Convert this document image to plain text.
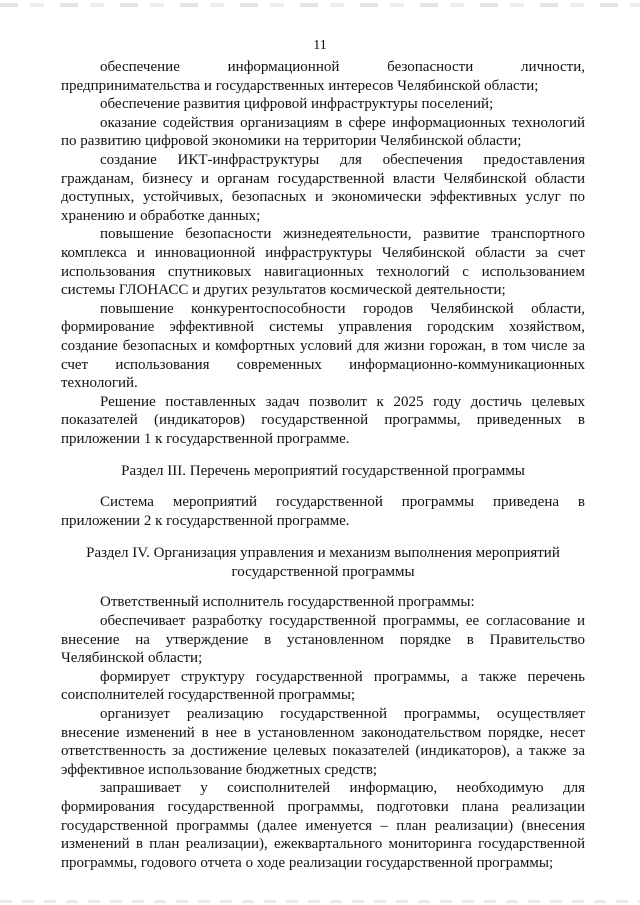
11

обеспечение информационной безопасности личности, предпринимательства и государственных интересов Челябинской области;

обеспечение развития цифровой инфраструктуры поселений;

оказание содействия организациям в сфере информационных технологий по развитию цифровой экономики на территории Челябинской области;

создание ИКТ-инфраструктуры для обеспечения предоставления гражданам, бизнесу и органам государственной власти Челябинской области доступных, устойчивых, безопасных и экономически эффективных услуг по хранению и обработке данных;

повышение безопасности жизнедеятельности, развитие транспортного комплекса и инновационной инфраструктуры Челябинской области за счет использования спутниковых навигационных технологий с использованием системы ГЛОНАСС и других результатов космической деятельности;

повышение конкурентоспособности городов Челябинской области, формирование эффективной системы управления городским хозяйством, создание безопасных и комфортных условий для жизни горожан, в том числе за счет использования современных информационно-коммуникационных технологий.

Решение поставленных задач позволит к 2025 году достичь целевых показателей (индикаторов) государственной программы, приведенных в приложении 1 к государственной программе.

Раздел III. Перечень мероприятий государственной программы

Система мероприятий государственной программы приведена в приложении 2 к государственной программе.

Раздел IV. Организация управления и механизм выполнения мероприятий

государственной программы

Ответственный исполнитель государственной программы:

обеспечивает разработку государственной программы, ее согласование и внесение на утверждение в установленном порядке в Правительство Челябинской области;

формирует структуру государственной программы, а также перечень соисполнителей государственной программы;

организует реализацию государственной программы, осуществляет внесение изменений в нее в установленном законодательством порядке, несет ответственность за достижение целевых показателей (индикаторов), а также за эффективное использование бюджетных средств;

запрашивает у соисполнителей информацию, необходимую для формирования государственной программы, подготовки плана реализации государственной программы (далее именуется – план реализации) (внесения изменений в план реализации), ежеквартального мониторинга государственной программы, годового отчета о ходе реализации государственной программы;
